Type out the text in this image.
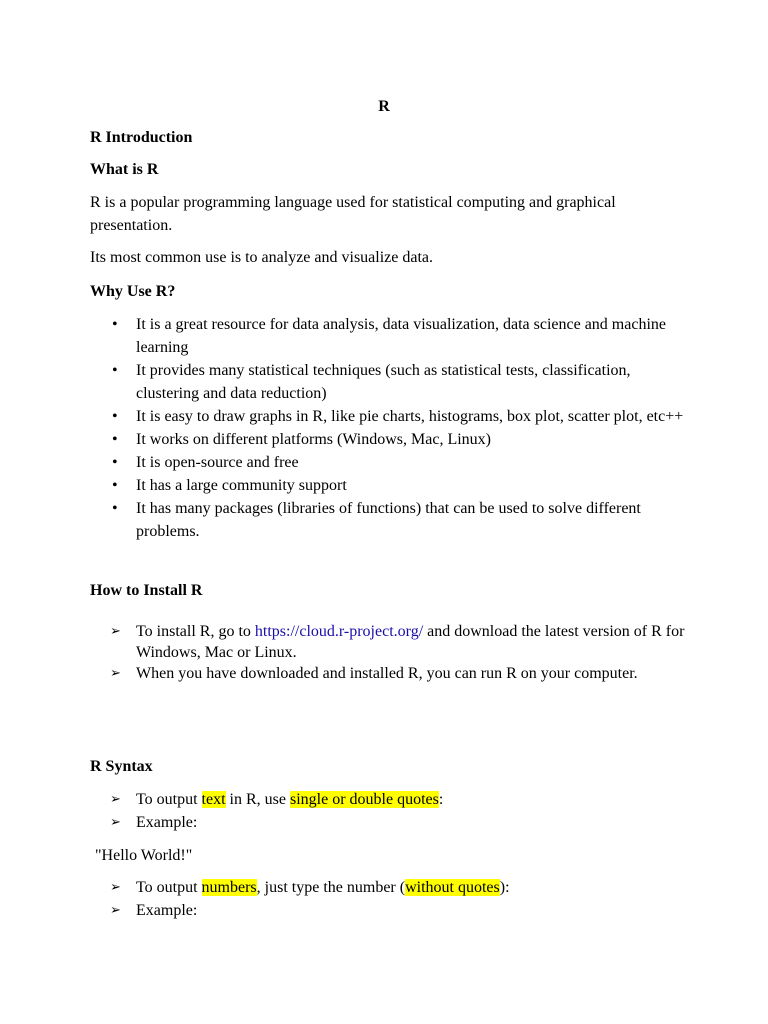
R
R Introduction
What is R
R is a popular programming language used for statistical computing and graphical presentation.
Its most common use is to analyze and visualize data.
Why Use R?
• It is a great resource for data analysis, data visualization, data science and machine learning
• It provides many statistical techniques (such as statistical tests, classification, clustering and data reduction)
• It is easy to draw graphs in R, like pie charts, histograms, box plot, scatter plot, etc++
• It works on different platforms (Windows, Mac, Linux)
• It is open-source and free
• It has a large community support
• It has many packages (libraries of functions) that can be used to solve different problems.
How to Install R
➢ To install R, go to https://cloud.r-project.org/ and download the latest version of R for Windows, Mac or Linux.
➢ When you have downloaded and installed R, you can run R on your computer.
R Syntax
➢ To output text in R, use single or double quotes:
➢ Example:
"Hello World!"
➢ To output numbers, just type the number (without quotes):
➢ Example:
